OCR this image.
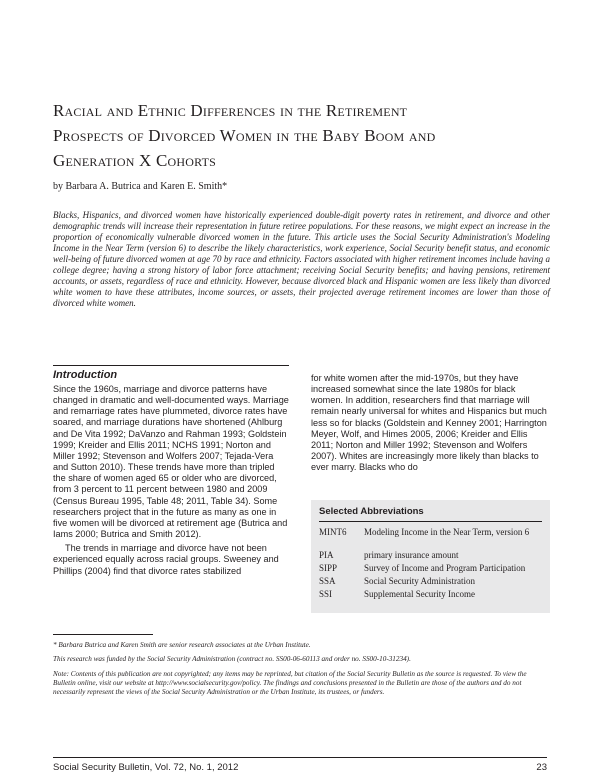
Racial and Ethnic Differences in the Retirement
Prospects of Divorced Women in the Baby Boom and
Generation X Cohorts
by Barbara A. Butrica and Karen E. Smith*

Blacks, Hispanics, and divorced women have historically experienced double-digit poverty rates in retirement, and divorce and other demographic trends will increase their representation in future retiree populations. For these reasons, we might expect an increase in the proportion of economically vulnerable divorced women in the future. This article uses the Social Security Administration's Modeling Income in the Near Term (version 6) to describe the likely characteristics, work experience, Social Security benefit status, and economic well-being of future divorced women at age 70 by race and ethnicity. Factors associated with higher retirement incomes include having a college degree; having a strong history of labor force attachment; receiving Social Security benefits; and having pensions, retirement accounts, or assets, regardless of race and ethnicity. However, because divorced black and Hispanic women are less likely than divorced white women to have these attributes, income sources, or assets, their projected average retirement incomes are lower than those of divorced white women.

Introduction

Since the 1960s, marriage and divorce patterns have changed in dramatic and well-documented ways. Marriage and remarriage rates have plummeted, divorce rates have soared, and marriage durations have shortened (Ahlburg and De Vita 1992; DaVanzo and Rahman 1993; Goldstein 1999; Kreider and Ellis 2011; NCHS 1991; Norton and Miller 1992; Stevenson and Wolfers 2007; Tejada-Vera and Sutton 2010). These trends have more than tripled the share of women aged 65 or older who are divorced, from 3 percent to 11 percent between 1980 and 2009 (Census Bureau 1995, Table 48; 2011, Table 34). Some researchers project that in the future as many as one in five women will be divorced at retirement age (Butrica and Iams 2000; Butrica and Smith 2012).

The trends in marriage and divorce have not been experienced equally across racial groups. Sweeney and Phillips (2004) find that divorce rates stabilized

for white women after the mid-1970s, but they have increased somewhat since the late 1980s for black women. In addition, researchers find that marriage will remain nearly universal for whites and Hispanics but much less so for blacks (Goldstein and Kenney 2001; Harrington Meyer, Wolf, and Himes 2005, 2006; Kreider and Ellis 2011; Norton and Miller 1992; Stevenson and Wolfers 2007). Whites are increasingly more likely than blacks to ever marry. Blacks who do

Selected Abbreviations
MINT6	Modeling Income in the Near Term, version 6
PIA	primary insurance amount
SIPP	Survey of Income and Program Participation
SSA	Social Security Administration
SSI	Supplemental Security Income

* Barbara Butrica and Karen Smith are senior research associates at the Urban Institute.

This research was funded by the Social Security Administration (contract no. SS00-06-60113 and order no. SS00-10-31234).

Note: Contents of this publication are not copyrighted; any items may be reprinted, but citation of the Social Security Bulletin as the source is requested. To view the Bulletin online, visit our website at http://www.socialsecurity.gov/policy. The findings and conclusions presented in the Bulletin are those of the authors and do not necessarily represent the views of the Social Security Administration or the Urban Institute, its trustees, or funders.

Social Security Bulletin, Vol. 72, No. 1, 2012	23
